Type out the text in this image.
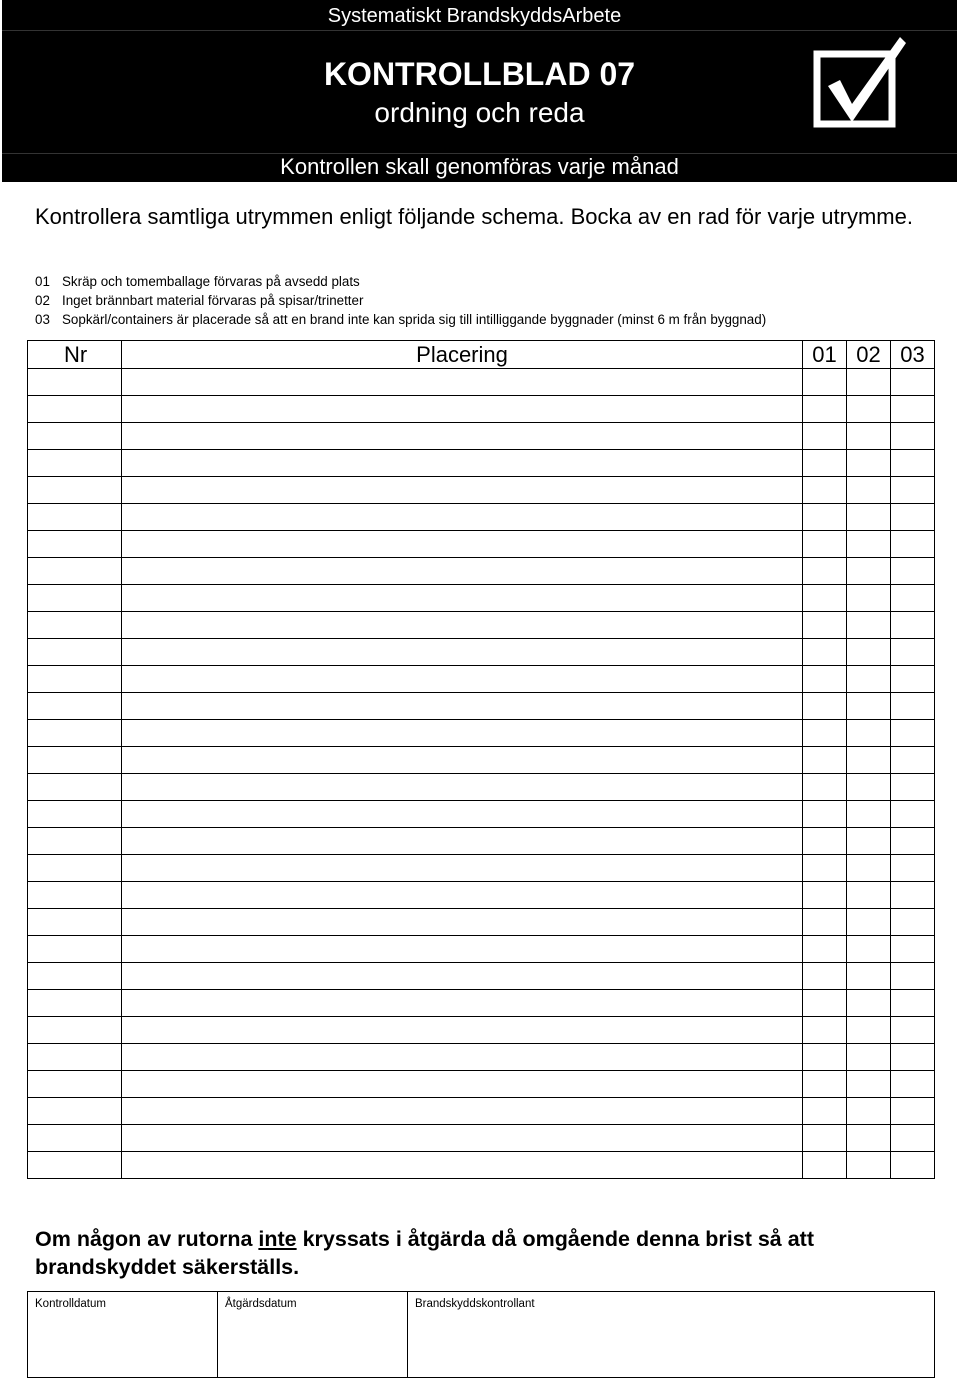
Systematiskt BrandskyddsArbete
KONTROLLBLAD 07
ordning och reda
Kontrollen skall genomföras varje månad
Kontrollera samtliga utrymmen enligt följande schema. Bocka av en rad för varje utrymme.
01 Skräp och tomemballage förvaras på avsedd plats
02 Inget brännbart material förvaras på spisar/trinetter
03 Sopkärl/containers är placerade så att en brand inte kan sprida sig till intilliggande byggnader (minst 6 m från byggnad)
Nr	Placering	01	02	03

Om någon av rutorna inte kryssats i åtgärda då omgående denna brist så att brandskyddet säkerställs.
Kontrolldatum	Åtgärdsdatum	Brandskyddskontrollant
